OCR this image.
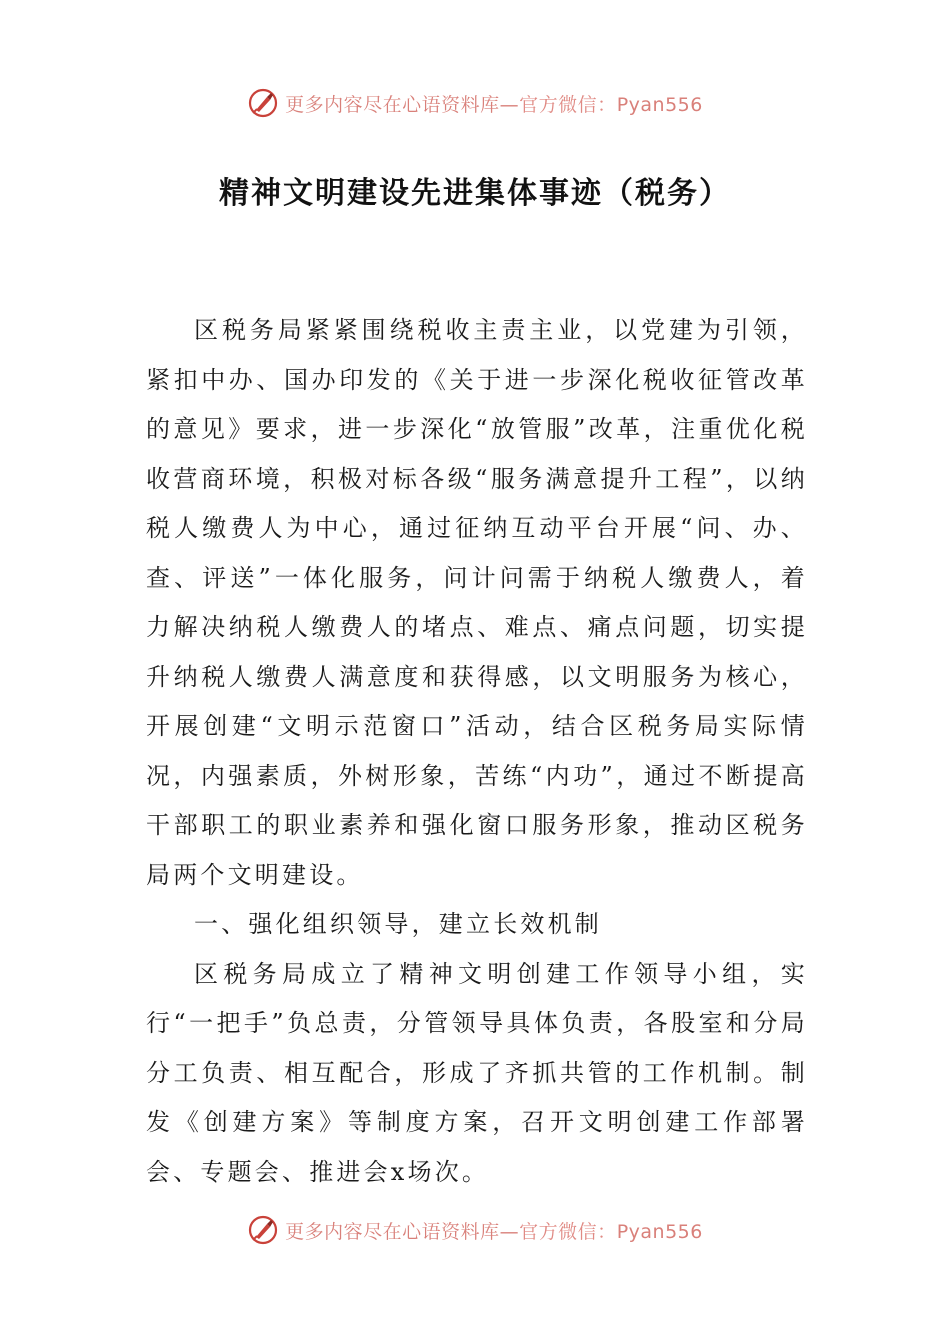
更多内容尽在心语资料库—官方微信：Pyan556
精神文明建设先进集体事迹（税务）

区税务局紧紧围绕税收主责主业，以党建为引领，紧扣中办、国办印发的《关于进一步深化税收征管改革的意见》要求，进一步深化“放管服”改革，注重优化税收营商环境，积极对标各级“服务满意提升工程”，以纳税人缴费人为中心，通过征纳互动平台开展“问、办、查、评送”一体化服务，问计问需于纳税人缴费人，着力解决纳税人缴费人的堵点、难点、痛点问题，切实提升纳税人缴费人满意度和获得感，以文明服务为核心，开展创建“文明示范窗口”活动，结合区税务局实际情况，内强素质，外树形象，苦练“内功”，通过不断提高干部职工的职业素养和强化窗口服务形象，推动区税务局两个文明建设。

一、强化组织领导，建立长效机制

区税务局成立了精神文明创建工作领导小组，实行“一把手”负总责，分管领导具体负责，各股室和分局分工负责、相互配合，形成了齐抓共管的工作机制。制发《创建方案》等制度方案，召开文明创建工作部署会、专题会、推进会x场次。

更多内容尽在心语资料库—官方微信：Pyan556
